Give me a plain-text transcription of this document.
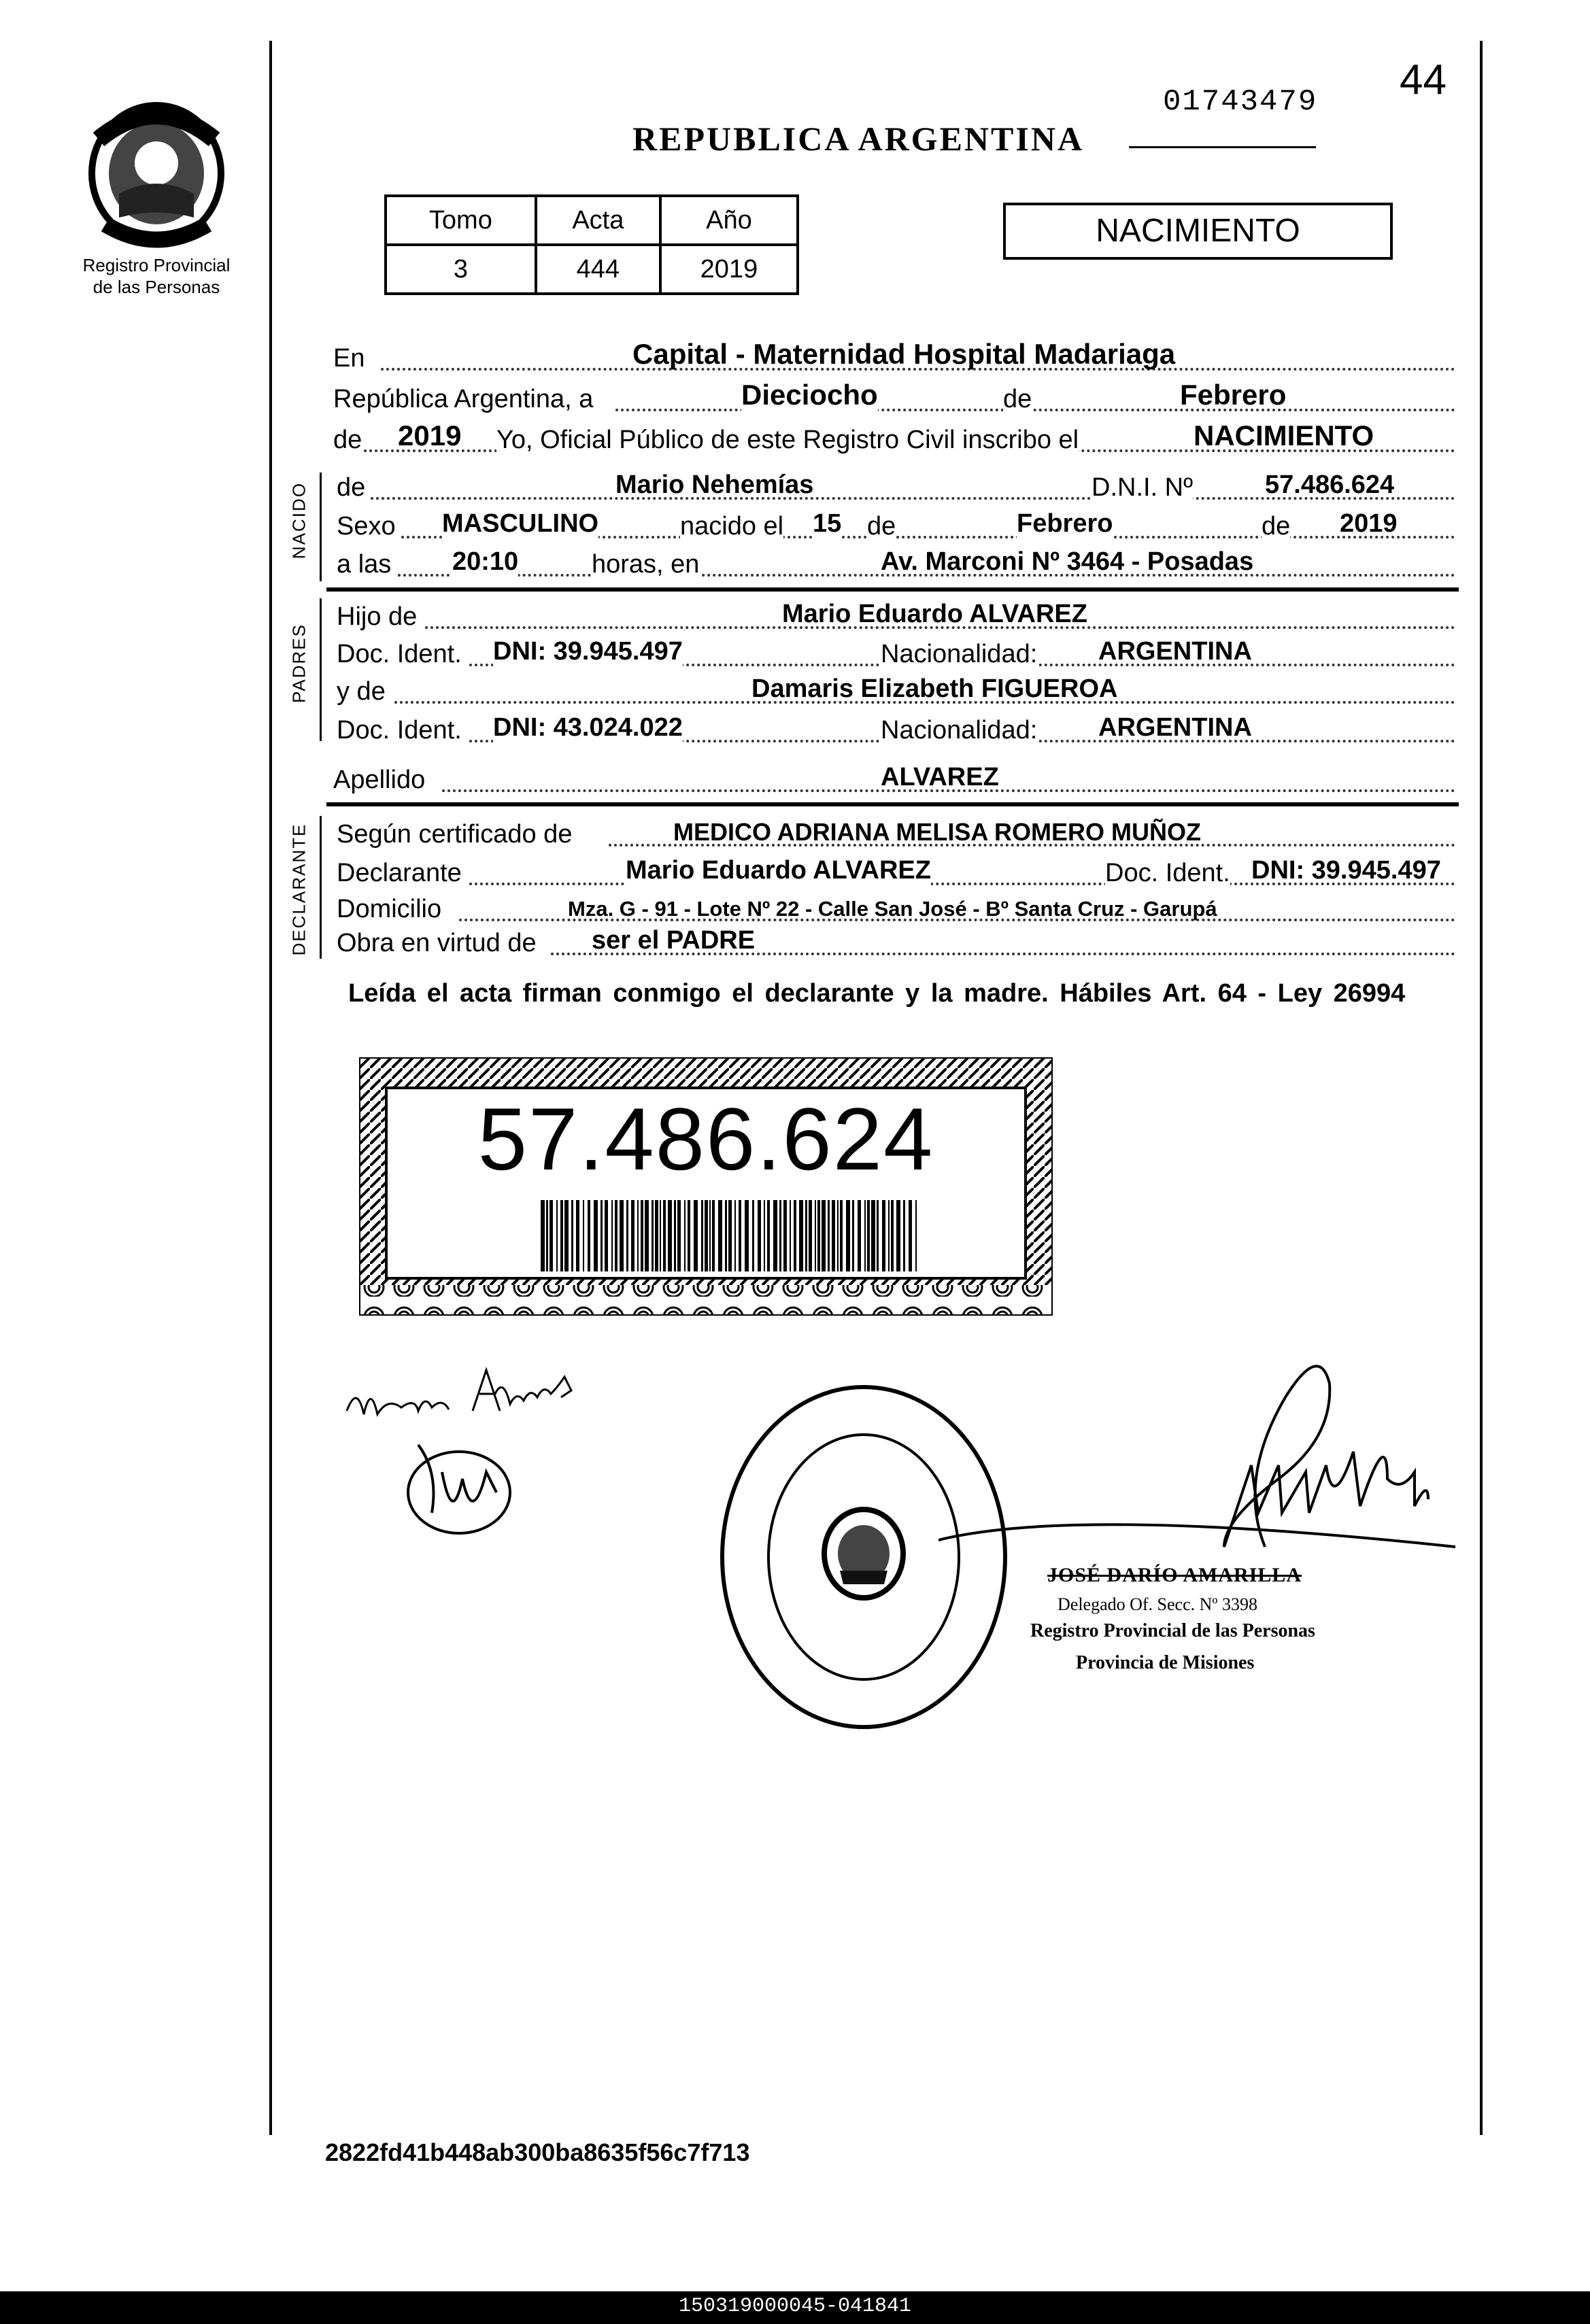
Registro Provincial
de las Personas
01743479 44
REPUBLICA ARGENTINA
Tomo	Acta	Año
3	444	2019
NACIMIENTO
En	Capital - Maternidad Hospital Madariaga
República Argentina, a	Dieciocho	de	Febrero
de 2019 Yo, Oficial Público de este Registro Civil inscribo el	NACIMIENTO
NACIDO de	Mario Nehemías	D.N.I. Nº	57.486.624
Sexo MASCULINO	nacido el 15 de	Febrero	de 2019
a las 20:10	horas, en	Av. Marconi Nº 3464 - Posadas
PADRES
Hijo de	Mario Eduardo ALVAREZ
Doc. Ident. DNI: 39.945.497	Nacionalidad: ARGENTINA
y de	Damaris Elizabeth FIGUEROA
Doc. Ident. DNI: 43.024.022	Nacionalidad: ARGENTINA
Apellido	ALVAREZ
DECLARANTE Según certificado de	MEDICO ADRIANA MELISA ROMERO MUÑOZ
Declarante	Mario Eduardo ALVAREZ	Doc. Ident. DNI: 39.945.497
Domicilio	Mza. G - 91 - Lote Nº 22 - Calle San José - Bº Santa Cruz - Garupá
Obra en virtud de ser el PADRE
Leída el acta firman conmigo el declarante y la madre. Hábiles Art. 64 - Ley 26994
57.486.624
JOSÉ DARÍO AMARILLA
Delegado Of. Secc. Nº 3398
Registro Provincial de las Personas
Provincia de Misiones
2822fd41b448ab300ba8635f56c7f713
150319000045-041841
